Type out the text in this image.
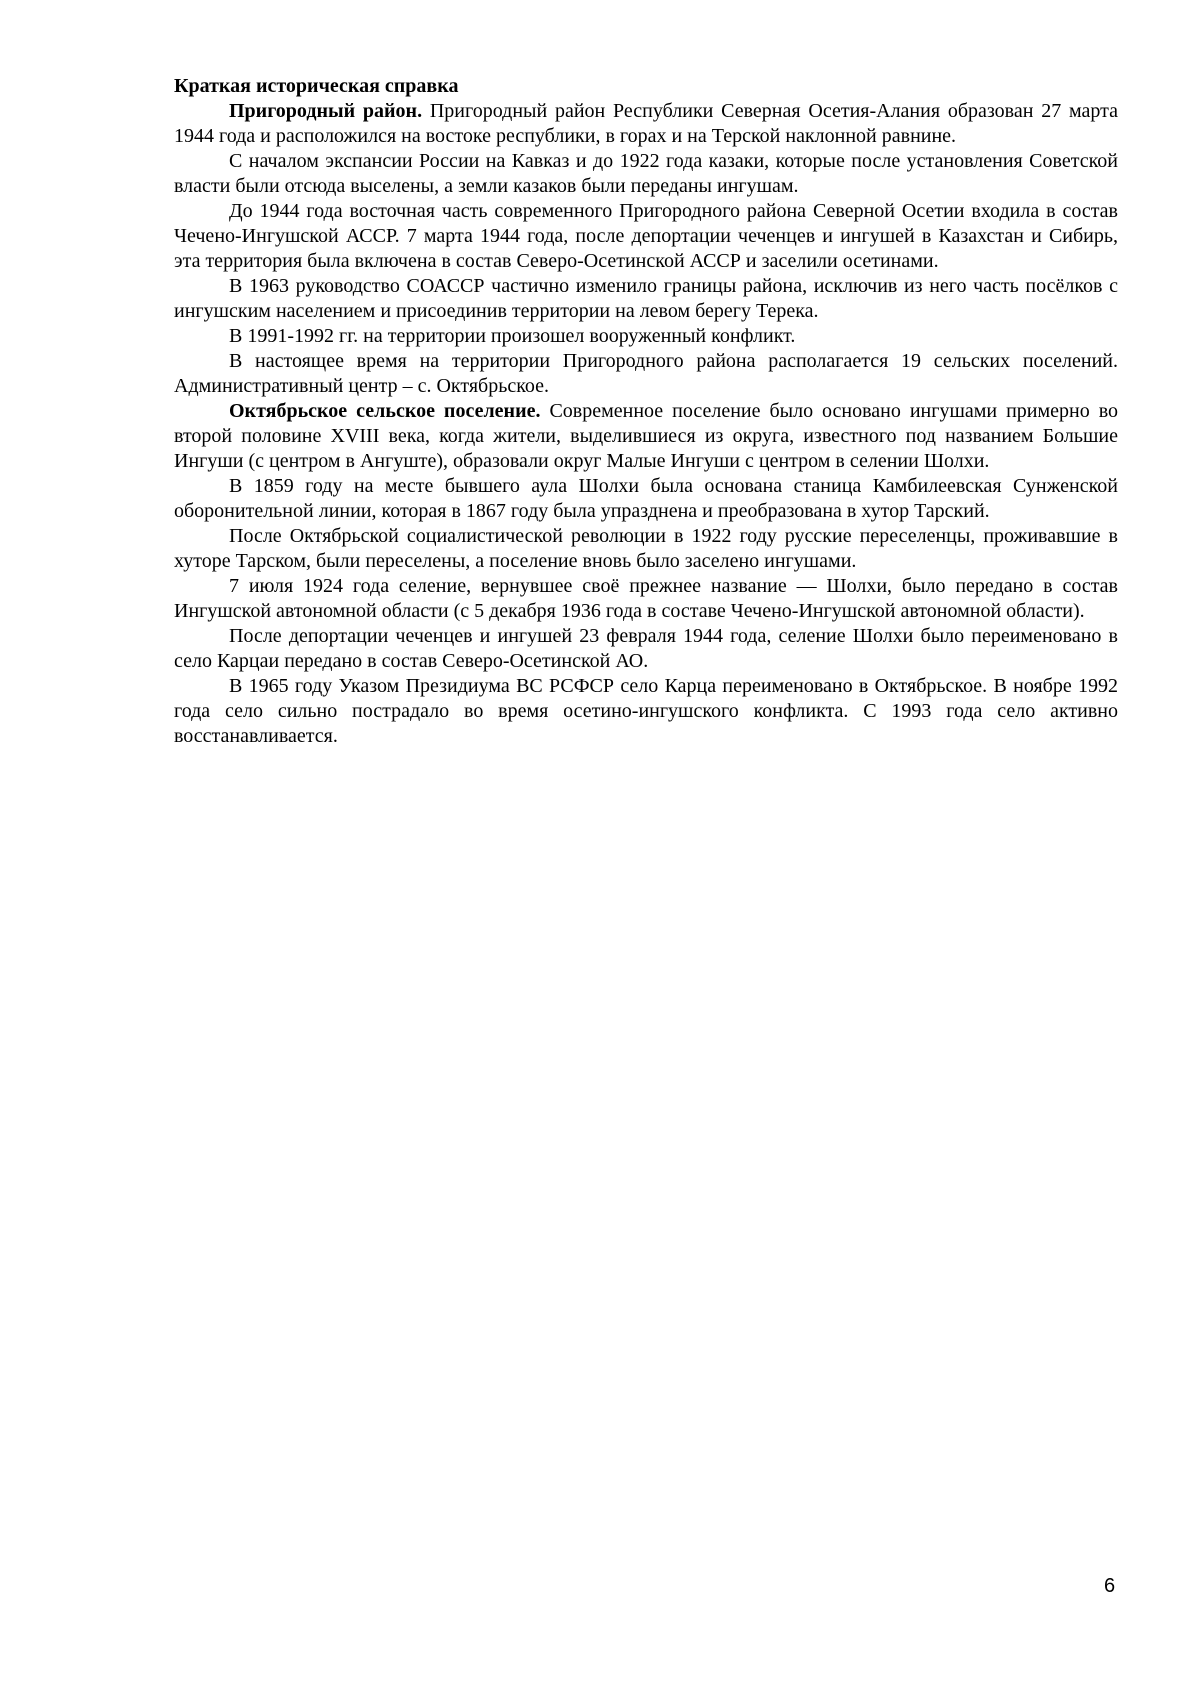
Краткая историческая справка

Пригородный район. Пригородный район Республики Северная Осетия-Алания образован 27 марта 1944 года и расположился на востоке республики, в горах и на Терской наклонной равнине.

С началом экспансии России на Кавказ и до 1922 года казаки, которые после установления Советской власти были отсюда выселены, а земли казаков были переданы ингушам.

До 1944 года восточная часть современного Пригородного района Северной Осетии входила в состав Чечено-Ингушской АССР. 7 марта 1944 года, после депортации чеченцев и ингушей в Казахстан и Сибирь, эта территория была включена в состав Северо-Осетинской АССР и заселили осетинами.

В 1963 руководство СОАССР частично изменило границы района, исключив из него часть посёлков с ингушским населением и присоединив территории на левом берегу Терека.

В 1991-1992 гг. на территории произошел вооруженный конфликт.

В настоящее время на территории Пригородного района располагается 19 сельских поселений. Административный центр – с. Октябрьское.

Октябрьское сельское поселение. Современное поселение было основано ингушами примерно во второй половине XVIII века, когда жители, выделившиеся из округа, известного под названием Большие Ингуши (с центром в Ангуште), образовали округ Малые Ингуши с центром в селении Шолхи.

В 1859 году на месте бывшего аула Шолхи была основана станица Камбилеевская Сунженской оборонительной линии, которая в 1867 году была упразднена и преобразована в хутор Тарский.

После Октябрьской социалистической революции в 1922 году русские переселенцы, проживавшие в хуторе Тарском, были переселены, а поселение вновь было заселено ингушами.

7 июля 1924 года селение, вернувшее своё прежнее название — Шолхи, было передано в состав Ингушской автономной области (с 5 декабря 1936 года в составе Чечено-Ингушской автономной области).

После депортации чеченцев и ингушей 23 февраля 1944 года, селение Шолхи было переименовано в село Карцаи передано в состав Северо-Осетинской АО.

В 1965 году Указом Президиума ВС РСФСР село Карца переименовано в Октябрьское. В ноябре 1992 года село сильно пострадало во время осетино-ингушского конфликта. С 1993 года село активно восстанавливается.

6
